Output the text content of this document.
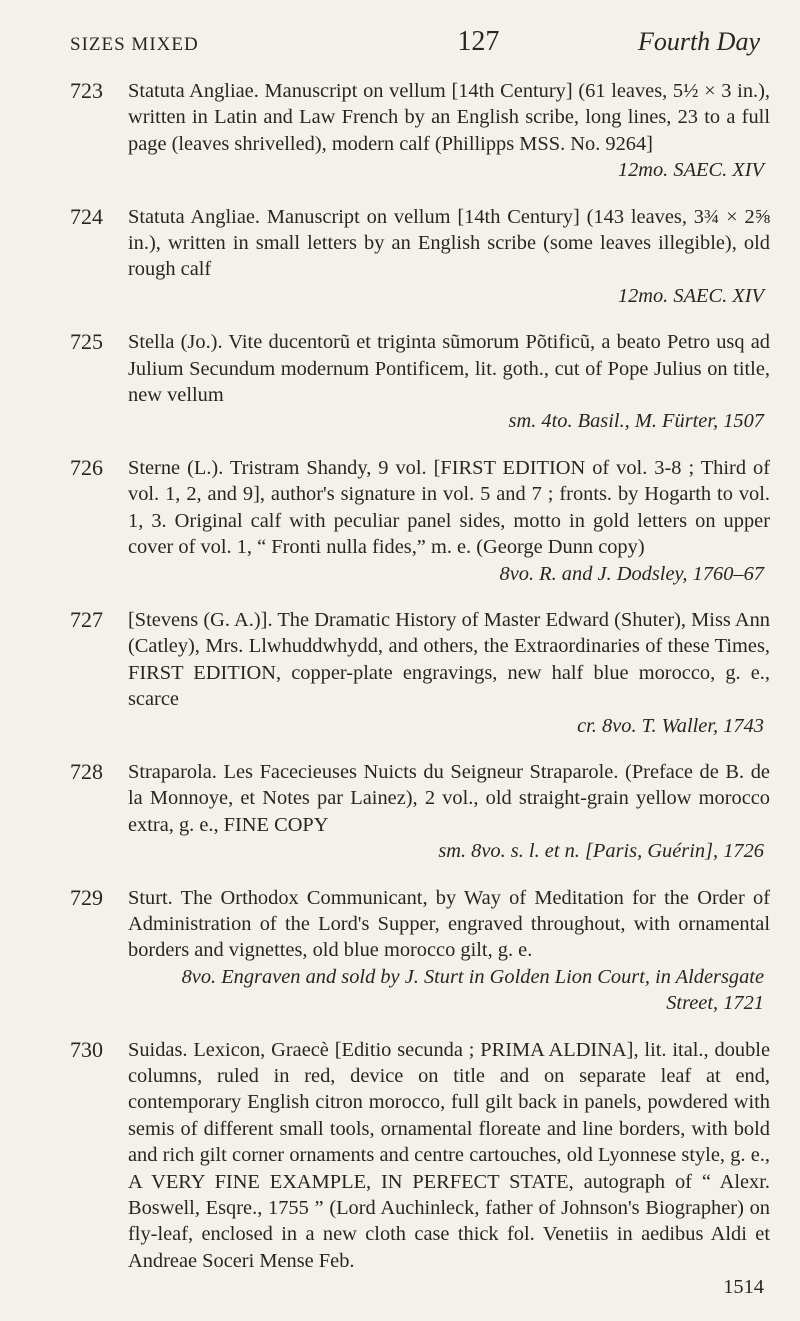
SIZES MIXED	127	Fourth Day
723 Statuta Angliae. Manuscript on vellum [14th Century] (61 leaves, 5½ × 3 in.), written in Latin and Law French by an English scribe, long lines, 23 to a full page (leaves shrivelled), modern calf (Phillipps MSS. No. 9264]
12mo. SAEC. XIV
724 Statuta Angliae. Manuscript on vellum [14th Century] (143 leaves, 3¾ × 2⅝ in.), written in small letters by an English scribe (some leaves illegible), old rough calf
12mo. SAEC. XIV
725 Stella (Jo.). Vite ducentorũ et triginta sũmorum Põtificũ, a beato Petro usq ad Julium Secundum modernum Pontificem, lit. goth., cut of Pope Julius on title, new vellum
sm. 4to. Basil., M. Fürter, 1507
726 Sterne (L.). Tristram Shandy, 9 vol. [FIRST EDITION of vol. 3-8 ; Third of vol. 1, 2, and 9], author's signature in vol. 5 and 7 ; fronts. by Hogarth to vol. 1, 3. Original calf with peculiar panel sides, motto in gold letters on upper cover of vol. 1, “ Fronti nulla fides,” m. e. (George Dunn copy)
8vo. R. and J. Dodsley, 1760–67
727 [Stevens (G. A.)]. The Dramatic History of Master Edward (Shuter), Miss Ann (Catley), Mrs. Llwhuddwhydd, and others, the Extraordinaries of these Times, FIRST EDITION, copper-plate engravings, new half blue morocco, g. e., scarce
cr. 8vo. T. Waller, 1743
728 Straparola. Les Facecieuses Nuicts du Seigneur Straparole. (Preface de B. de la Monnoye, et Notes par Lainez), 2 vol., old straight-grain yellow morocco extra, g. e., FINE COPY
sm. 8vo. s. l. et n. [Paris, Guérin], 1726
729 Sturt. The Orthodox Communicant, by Way of Meditation for the Order of Administration of the Lord's Supper, engraved throughout, with ornamental borders and vignettes, old blue morocco gilt, g. e.
8vo. Engraven and sold by J. Sturt in Golden Lion Court, in Aldersgate Street, 1721
730 Suidas. Lexicon, Graecè [Editio secunda ; PRIMA ALDINA], lit. ital., double columns, ruled in red, device on title and on separate leaf at end, contemporary English citron morocco, full gilt back in panels, powdered with semis of different small tools, ornamental floreate and line borders, with bold and rich gilt corner ornaments and centre cartouches, old Lyonnese style, g. e., A VERY FINE EXAMPLE, IN PERFECT STATE, autograph of “ Alexr. Boswell, Esqre., 1755 ” (Lord Auchinleck, father of Johnson's Biographer) on fly-leaf, enclosed in a new cloth case thick fol. Venetiis in aedibus Aldi et Andreae Soceri Mense Feb.
1514
